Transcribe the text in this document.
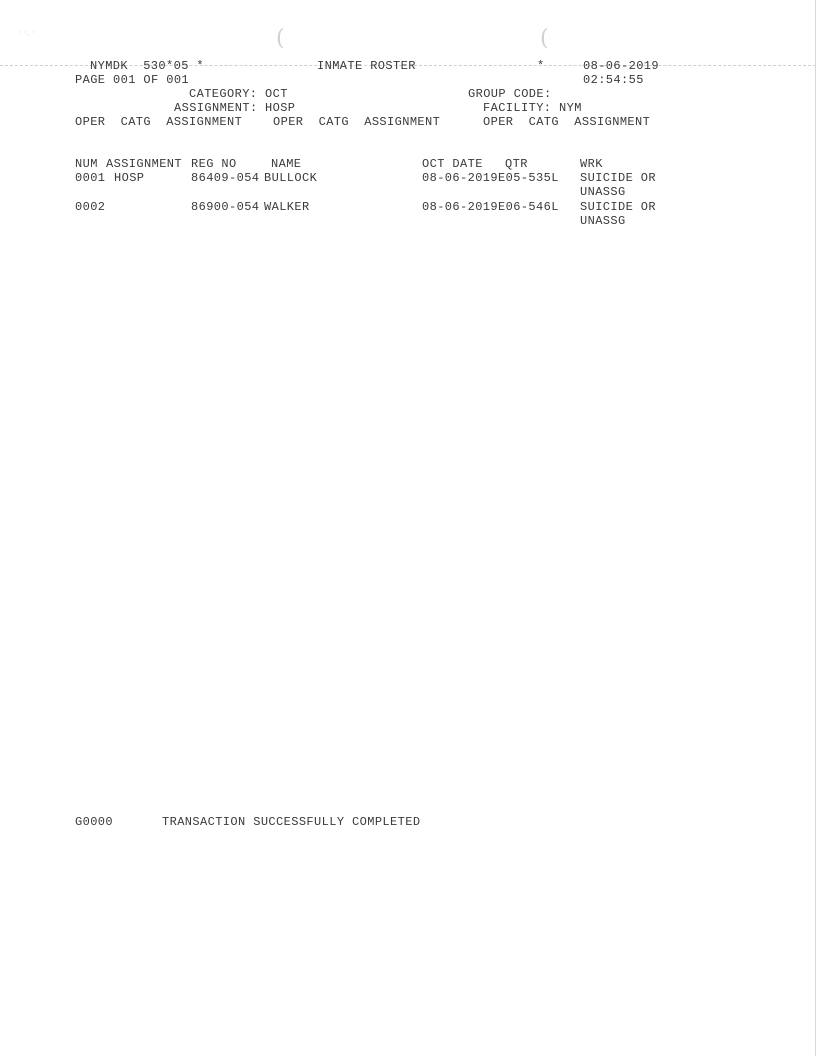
· ·. ·	(	(
NYMDK  530*05 *	INMATE ROSTER	*	08-06-2019
PAGE 001 OF 001	02:54:55
CATEGORY: OCT	GROUP CODE:
ASSIGNMENT: HOSP	FACILITY: NYM
OPER  CATG  ASSIGNMENT	OPER  CATG  ASSIGNMENT	OPER  CATG  ASSIGNMENT
NUM ASSIGNMENT REG NO	NAME	OCT DATE QTR	WRK
0001 HOSP	86409-054 BULLOCK	08-06-2019 E05-535L SUICIDE OR
UNASSG
0002	86900-054 WALKER	08-06-2019 E06-546L SUICIDE OR
UNASSG
G0000	TRANSACTION SUCCESSFULLY COMPLETED
